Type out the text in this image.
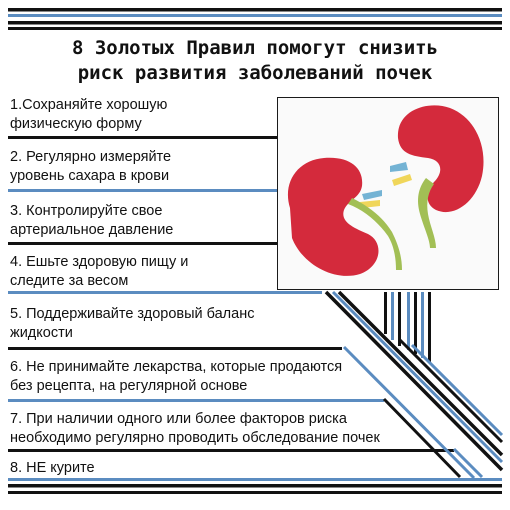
8 Золотых Правил помогут снизить
риск развития заболеваний почек
1.Сохраняйте хорошую
физическую форму
2. Регулярно измеряйте
уровень сахара в крови
3. Контролируйте свое
артериальное давление
4. Ешьте здоровую пищу и
следите за весом
5. Поддерживайте здоровый баланс
жидкости
6. Не принимайте лекарства, которые продаются
без рецепта, на регулярной основе
7. При наличии одного или более факторов риска
необходимо регулярно проводить обследование почек
8. НЕ курите
